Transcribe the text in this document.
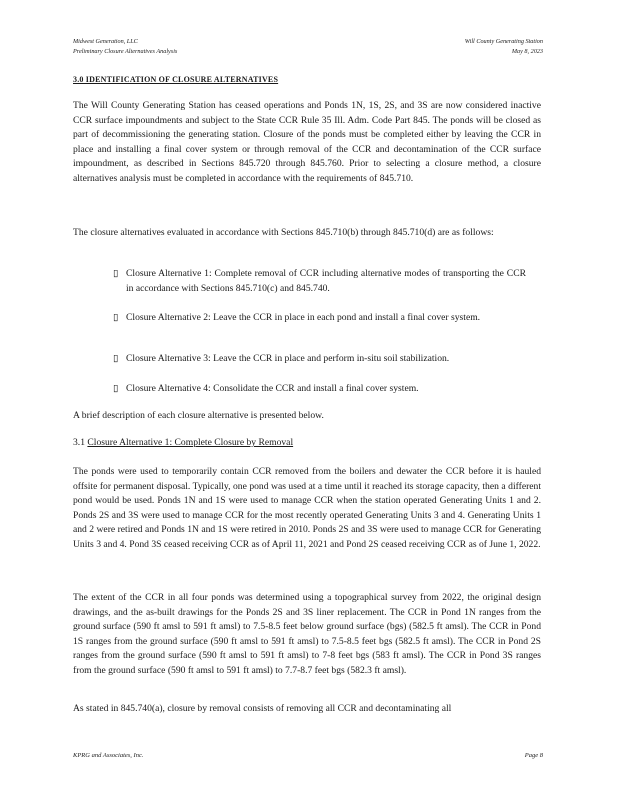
Midwest Generation, LLC
Preliminary Closure Alternatives Analysis
Will County Generating Station
May 8, 2023
3.0 IDENTIFICATION OF CLOSURE ALTERNATIVES

The Will County Generating Station has ceased operations and Ponds 1N, 1S, 2S, and 3S are now considered inactive CCR surface impoundments and subject to the State CCR Rule 35 Ill. Adm. Code Part 845. The ponds will be closed as part of decommissioning the generating station. Closure of the ponds must be completed either by leaving the CCR in place and installing a final cover system or through removal of the CCR and decontamination of the CCR surface impoundment, as described in Sections 845.720 through 845.760. Prior to selecting a closure method, a closure alternatives analysis must be completed in accordance with the requirements of 845.710.

The closure alternatives evaluated in accordance with Sections 845.710(b) through 845.710(d) are as follows:

▯ Closure Alternative 1: Complete removal of CCR including alternative modes of transporting the CCR in accordance with Sections 845.710(c) and 845.740.

▯ Closure Alternative 2: Leave the CCR in place in each pond and install a final cover system.

▯ Closure Alternative 3: Leave the CCR in place and perform in-situ soil stabilization.

▯ Closure Alternative 4: Consolidate the CCR and install a final cover system.

A brief description of each closure alternative is presented below.

3.1 Closure Alternative 1: Complete Closure by Removal

The ponds were used to temporarily contain CCR removed from the boilers and dewater the CCR before it is hauled offsite for permanent disposal. Typically, one pond was used at a time until it reached its storage capacity, then a different pond would be used. Ponds 1N and 1S were used to manage CCR when the station operated Generating Units 1 and 2. Ponds 2S and 3S were used to manage CCR for the most recently operated Generating Units 3 and 4. Generating Units 1 and 2 were retired and Ponds 1N and 1S were retired in 2010. Ponds 2S and 3S were used to manage CCR for Generating Units 3 and 4. Pond 3S ceased receiving CCR as of April 11, 2021 and Pond 2S ceased receiving CCR as of June 1, 2022.

The extent of the CCR in all four ponds was determined using a topographical survey from 2022, the original design drawings, and the as-built drawings for the Ponds 2S and 3S liner replacement. The CCR in Pond 1N ranges from the ground surface (590 ft amsl to 591 ft amsl) to 7.5-8.5 feet below ground surface (bgs) (582.5 ft amsl). The CCR in Pond 1S ranges from the ground surface (590 ft amsl to 591 ft amsl) to 7.5-8.5 feet bgs (582.5 ft amsl). The CCR in Pond 2S ranges from the ground surface (590 ft amsl to 591 ft amsl) to 7-8 feet bgs (583 ft amsl). The CCR in Pond 3S ranges from the ground surface (590 ft amsl to 591 ft amsl) to 7.7-8.7 feet bgs (582.3 ft amsl).

As stated in 845.740(a), closure by removal consists of removing all CCR and decontaminating all

KPRG and Associates, Inc.	Page 8
